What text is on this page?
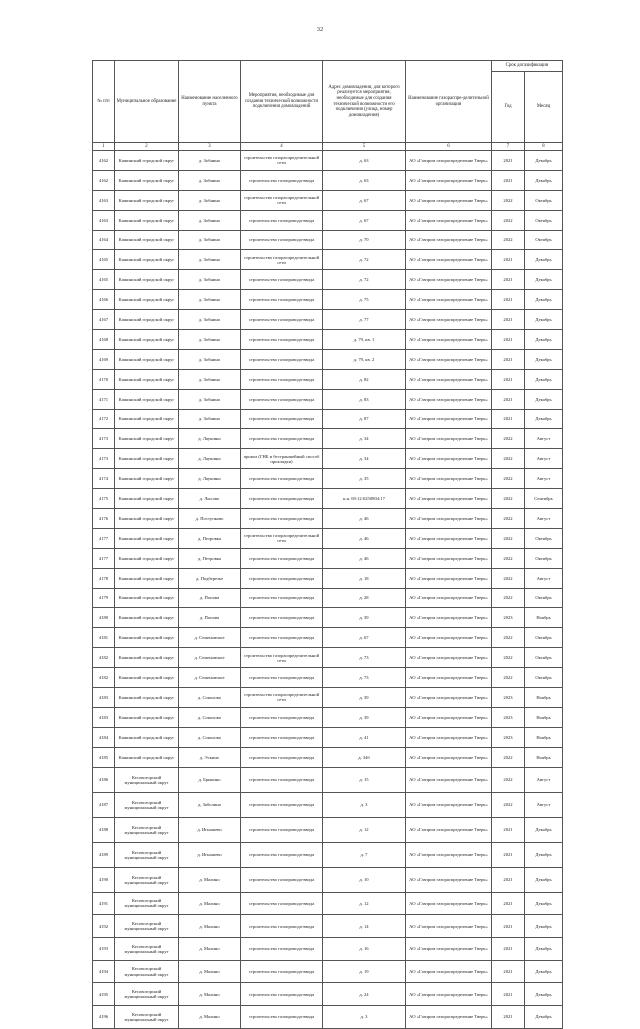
32
№ п/п	Муниципальное образование	Наименование населенного пункта	Мероприятия, необходимые для создания технической возможности подключения домовладений	Адрес домовладения, для которого реализуется мероприятия, необходимые для создания технической возможности его подключения (улица, номер домовладения)	Наименование газораспре-делительной организации	Срок догазификации	
						Год	Месяц
1	2	3	4	5	6	7	8
4162	Кашинский городской округ	д. Зобнино	строительство газораспределительной сети	д. 63	АО «Газпром газораспределение Тверь»	2021	Декабрь
4162	Кашинский городской округ	д. Зобнино	строительство газопровода-ввода	д. 63	АО «Газпром газораспределение Тверь»	2021	Декабрь
4163	Кашинский городской округ	д. Зобнино	строительство газораспределительной сети	д. 67	АО «Газпром газораспределение Тверь»	2022	Октябрь
4163	Кашинский городской округ	д. Зобнино	строительство газопровода-ввода	д. 67	АО «Газпром газораспределение Тверь»	2022	Октябрь
4164	Кашинский городской округ	д. Зобнино	строительство газопровода-ввода	д. 70	АО «Газпром газораспределение Тверь»	2022	Октябрь
4165	Кашинский городской округ	д. Зобнино	строительство газораспределительной сети	д. 72	АО «Газпром газораспределение Тверь»	2021	Декабрь
4165	Кашинский городской округ	д. Зобнино	строительство газопровода-ввода	д. 72	АО «Газпром газораспределение Тверь»	2021	Декабрь
4166	Кашинский городской округ	д. Зобнино	строительство газопровода-ввода	д. 75	АО «Газпром газораспределение Тверь»	2021	Декабрь
4167	Кашинский городской округ	д. Зобнино	строительство газопровода-ввода	д. 77	АО «Газпром газораспределение Тверь»	2021	Декабрь
4168	Кашинский городской округ	д. Зобнино	строительство газопровода-ввода	д. 79, кв. 1	АО «Газпром газораспределение Тверь»	2021	Декабрь
4169	Кашинский городской округ	д. Зобнино	строительство газопровода-ввода	д. 79, кв. 2	АО «Газпром газораспределение Тверь»	2021	Декабрь
4170	Кашинский городской округ	д. Зобнино	строительство газопровода-ввода	д. 82	АО «Газпром газораспределение Тверь»	2021	Декабрь
4171	Кашинский городской округ	д. Зобнино	строительство газопровода-ввода	д. 83	АО «Газпром газораспределение Тверь»	2021	Декабрь
4172	Кашинский городской округ	д. Зобнино	строительство газопровода-ввода	д. 87	АО «Газпром газораспределение Тверь»	2021	Декабрь
4173	Кашинский городской округ	д. Лаушино	строительство газопровода-ввода	д. 34	АО «Газпром газораспределение Тверь»	2022	Август
4173	Кашинский городской округ	д. Лаушино	прокол (ГНБ и бестраншейный способ прокладки)	д. 34	АО «Газпром газораспределение Тверь»	2022	Август
4174	Кашинский городской округ	д. Лаушино	строительство газопровода-ввода	д. 35	АО «Газпром газораспределение Тверь»	2022	Август
4175	Кашинский городской округ	д. Лысово	строительство газопровода-ввода	к.н. 69:12:0250804:17	АО «Газпром газораспределение Тверь»	2022	Сентябрь
4176	Кашинский городской округ	д. Поступково	строительство газопровода-ввода	д. 46	АО «Газпром газораспределение Тверь»	2022	Август
4177	Кашинский городской округ	д. Петровка	строительство газораспределительной сети	д. 46	АО «Газпром газораспределение Тверь»	2022	Октябрь
4177	Кашинский городской округ	д. Петровка	строительство газопровода-ввода	д. 46	АО «Газпром газораспределение Тверь»	2022	Октябрь
4178	Кашинский городской округ	д. Подберезье	строительство газопровода-ввода	д. 18	АО «Газпром газораспределение Тверь»	2022	Август
4179	Кашинский городской округ	д. Попова	строительство газопровода-ввода	д. 28	АО «Газпром газораспределение Тверь»	2022	Октябрь
4180	Кашинский городской округ	д. Попова	строительство газопровода-ввода	д. 39	АО «Газпром газораспределение Тверь»	2023	Ноябрь
4181	Кашинский городской округ	д. Семеновское	строительство газопровода-ввода	д. 67	АО «Газпром газораспределение Тверь»	2022	Октябрь
4182	Кашинский городской округ	д. Семеновское	строительство газораспределительной сети	д. 73	АО «Газпром газораспределение Тверь»	2022	Октябрь
4182	Кашинский городской округ	д. Семеновское	строительство газопровода-ввода	д. 73	АО «Газпром газораспределение Тверь»	2022	Октябрь
4183	Кашинский городской округ	д. Соколово	строительство газораспределительной сети	д. 39	АО «Газпром газораспределение Тверь»	2023	Ноябрь
4183	Кашинский городской округ	д. Соколово	строительство газопровода-ввода	д. 39	АО «Газпром газораспределение Тверь»	2023	Ноябрь
4184	Кашинский городской округ	д. Соколово	строительство газопровода-ввода	д. 41	АО «Газпром газораспределение Тверь»	2023	Ноябрь
4185	Кашинский городской округ	д. Эскино	строительство газопровода-ввода	д. 34б	АО «Газпром газораспределение Тверь»	2022	Ноябрь
4186	Кесовогорский муниципальный округ	д. Брыкино	строительство газопровода-ввода	д. 15	АО «Газпром газораспределение Тверь»	2022	Август
4187	Кесовогорский муниципальный округ	д. Заболино	строительство газопровода-ввода	д. 3	АО «Газпром газораспределение Тверь»	2022	Август
4188	Кесовогорский муниципальный округ	д. Игнашево	строительство газопровода-ввода	д. 12	АО «Газпром газораспределение Тверь»	2021	Декабрь
4189	Кесовогорский муниципальный округ	д. Игнашево	строительство газопровода-ввода	д. 7	АО «Газпром газораспределение Тверь»	2021	Декабрь
4190	Кесовогорский муниципальный округ	д. Малино	строительство газопровода-ввода	д. 10	АО «Газпром газораспределение Тверь»	2021	Декабрь
4191	Кесовогорский муниципальный округ	д. Малино	строительство газопровода-ввода	д. 12	АО «Газпром газораспределение Тверь»	2021	Декабрь
4192	Кесовогорский муниципальный округ	д. Малино	строительство газопровода-ввода	д. 14	АО «Газпром газораспределение Тверь»	2021	Декабрь
4193	Кесовогорский муниципальный округ	д. Малино	строительство газопровода-ввода	д. 16	АО «Газпром газораспределение Тверь»	2021	Декабрь
4194	Кесовогорский муниципальный округ	д. Малино	строительство газопровода-ввода	д. 19	АО «Газпром газораспределение Тверь»	2021	Декабрь
4195	Кесовогорский муниципальный округ	д. Малино	строительство газопровода-ввода	д. 24	АО «Газпром газораспределение Тверь»	2021	Декабрь
4196	Кесовогорский муниципальный округ	д. Малино	строительство газопровода-ввода	д. 3	АО «Газпром газораспределение Тверь»	2021	Декабрь
